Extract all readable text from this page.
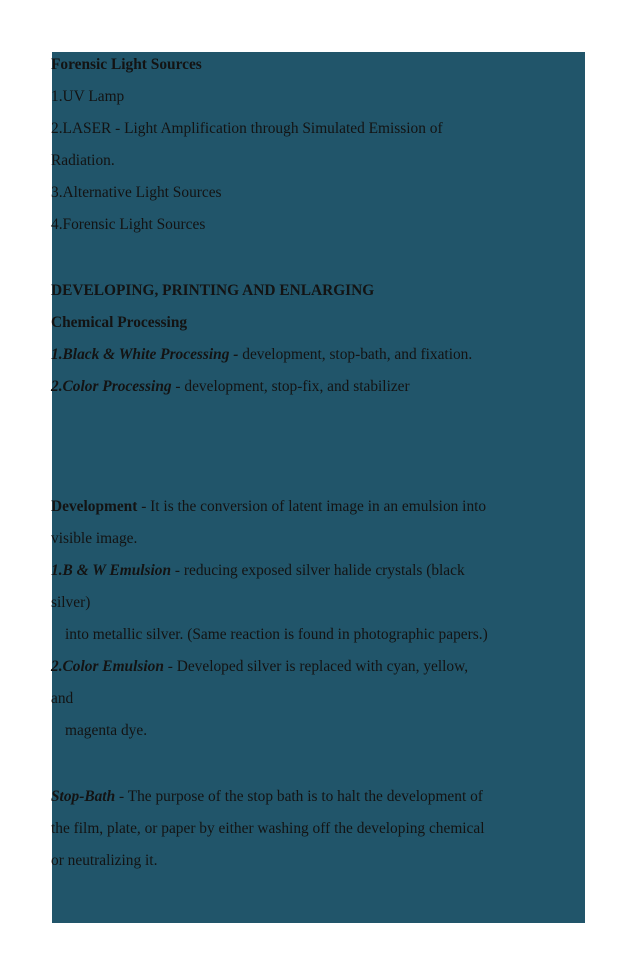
Forensic Light Sources
1.UV Lamp
2.LASER - Light Amplification through Simulated Emission of
Radiation.
3.Alternative Light Sources
4.Forensic Light Sources
DEVELOPING, PRINTING AND ENLARGING
Chemical Processing
1.Black & White Processing - development, stop-bath, and fixation.
2.Color Processing - development, stop-fix, and stabilizer
Development - It is the conversion of latent image in an emulsion into
visible image.
1.B & W Emulsion - reducing exposed silver halide crystals (black
silver)
into metallic silver. (Same reaction is found in photographic papers.)
2.Color Emulsion - Developed silver is replaced with cyan, yellow,
and
magenta dye.
Stop-Bath - The purpose of the stop bath is to halt the development of
the film, plate, or paper by either washing off the developing chemical
or neutralizing it.
